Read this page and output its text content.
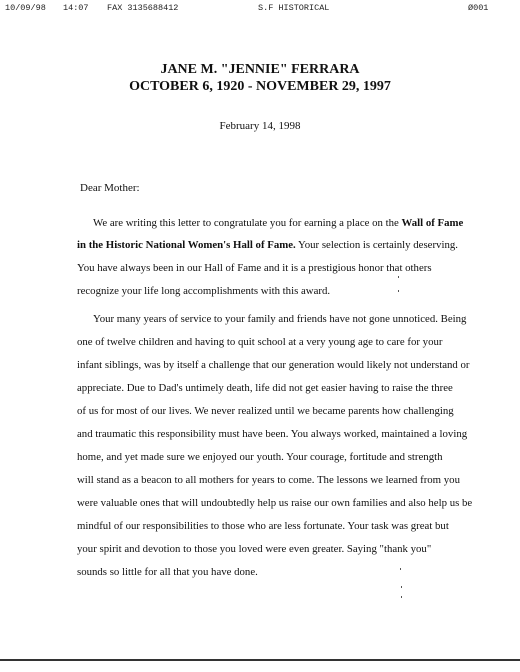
10/09/98 14:07 FAX 3135688412	S.F HISTORICAL	Ø001
JANE M. "JENNIE" FERRARA
OCTOBER 6, 1920 - NOVEMBER 29, 1997
February 14, 1998
Dear Mother:
We are writing this letter to congratulate you for earning a place on the Wall of Fame
in the Historic National Women's Hall of Fame. Your selection is certainly deserving.
You have always been in our Hall of Fame and it is a prestigious honor that others
recognize your life long accomplishments with this award.
Your many years of service to your family and friends have not gone unnoticed. Being
one of twelve children and having to quit school at a very young age to care for your
infant siblings, was by itself a challenge that our generation would likely not understand or
appreciate. Due to Dad's untimely death, life did not get easier having to raise the three
of us for most of our lives. We never realized until we became parents how challenging
and traumatic this responsibility must have been. You always worked, maintained a loving
home, and yet made sure we enjoyed our youth. Your courage, fortitude and strength
will stand as a beacon to all mothers for years to come. The lessons we learned from you
were valuable ones that will undoubtedly help us raise our own families and also help us be
mindful of our responsibilities to those who are less fortunate. Your task was great but
your spirit and devotion to those you loved were even greater. Saying "thank you"
sounds so little for all that you have done.
